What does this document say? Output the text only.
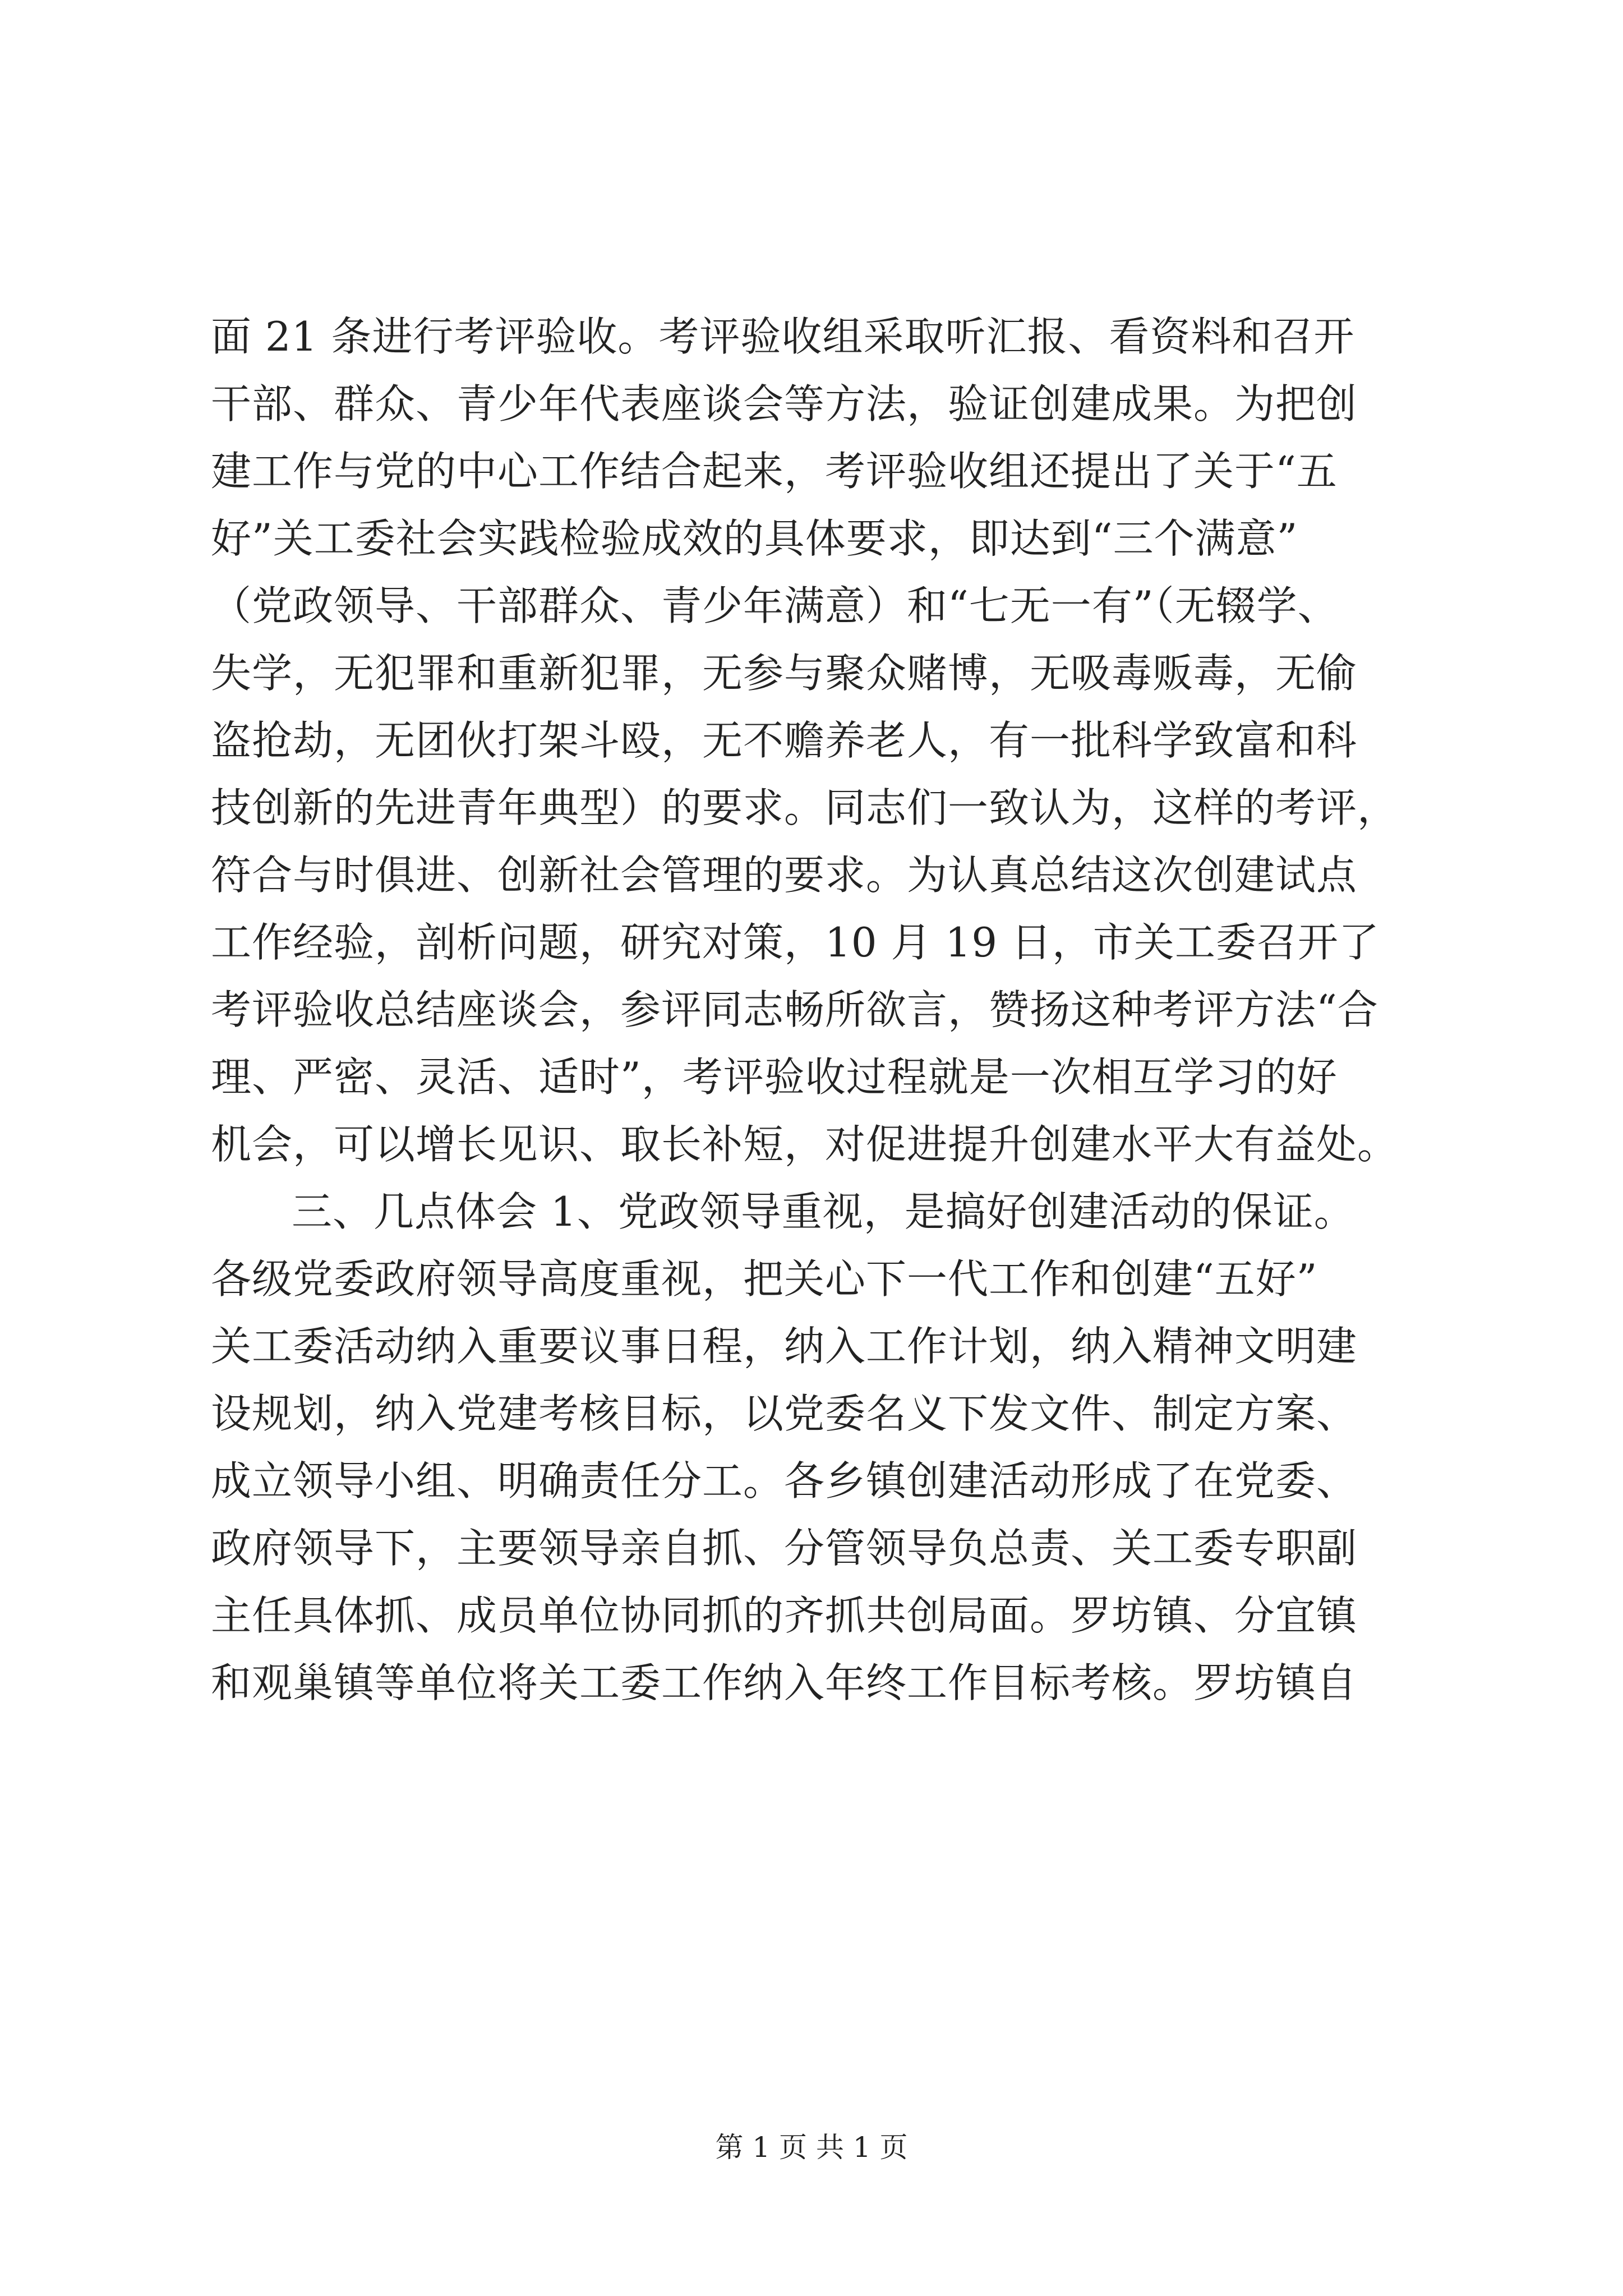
面 21 条进行考评验收。考评验收组采取听汇报、看资料和召开
干部、群众、青少年代表座谈会等方法，验证创建成果。为把创
建工作与党的中心工作结合起来，考评验收组还提出了关于“五
好”关工委社会实践检验成效的具体要求，即达到“三个满意”
（党政领导、干部群众、青少年满意）和“七无一有”（无辍学、
失学，无犯罪和重新犯罪，无参与聚众赌博，无吸毒贩毒，无偷
盗抢劫，无团伙打架斗殴，无不赡养老人，有一批科学致富和科
技创新的先进青年典型）的要求。同志们一致认为，这样的考评，
符合与时俱进、创新社会管理的要求。为认真总结这次创建试点
工作经验，剖析问题，研究对策，10 月 19 日，市关工委召开了
考评验收总结座谈会，参评同志畅所欲言，赞扬这种考评方法“合
理、严密、灵活、适时”，考评验收过程就是一次相互学习的好
机会，可以增长见识、取长补短，对促进提升创建水平大有益处。
三、几点体会 1、党政领导重视，是搞好创建活动的保证。
各级党委政府领导高度重视，把关心下一代工作和创建“五好”
关工委活动纳入重要议事日程，纳入工作计划，纳入精神文明建
设规划，纳入党建考核目标，以党委名义下发文件、制定方案、
成立领导小组、明确责任分工。各乡镇创建活动形成了在党委、
政府领导下，主要领导亲自抓、分管领导负总责、关工委专职副
主任具体抓、成员单位协同抓的齐抓共创局面。罗坊镇、分宜镇
和观巢镇等单位将关工委工作纳入年终工作目标考核。罗坊镇自
第 1 页 共 1 页
